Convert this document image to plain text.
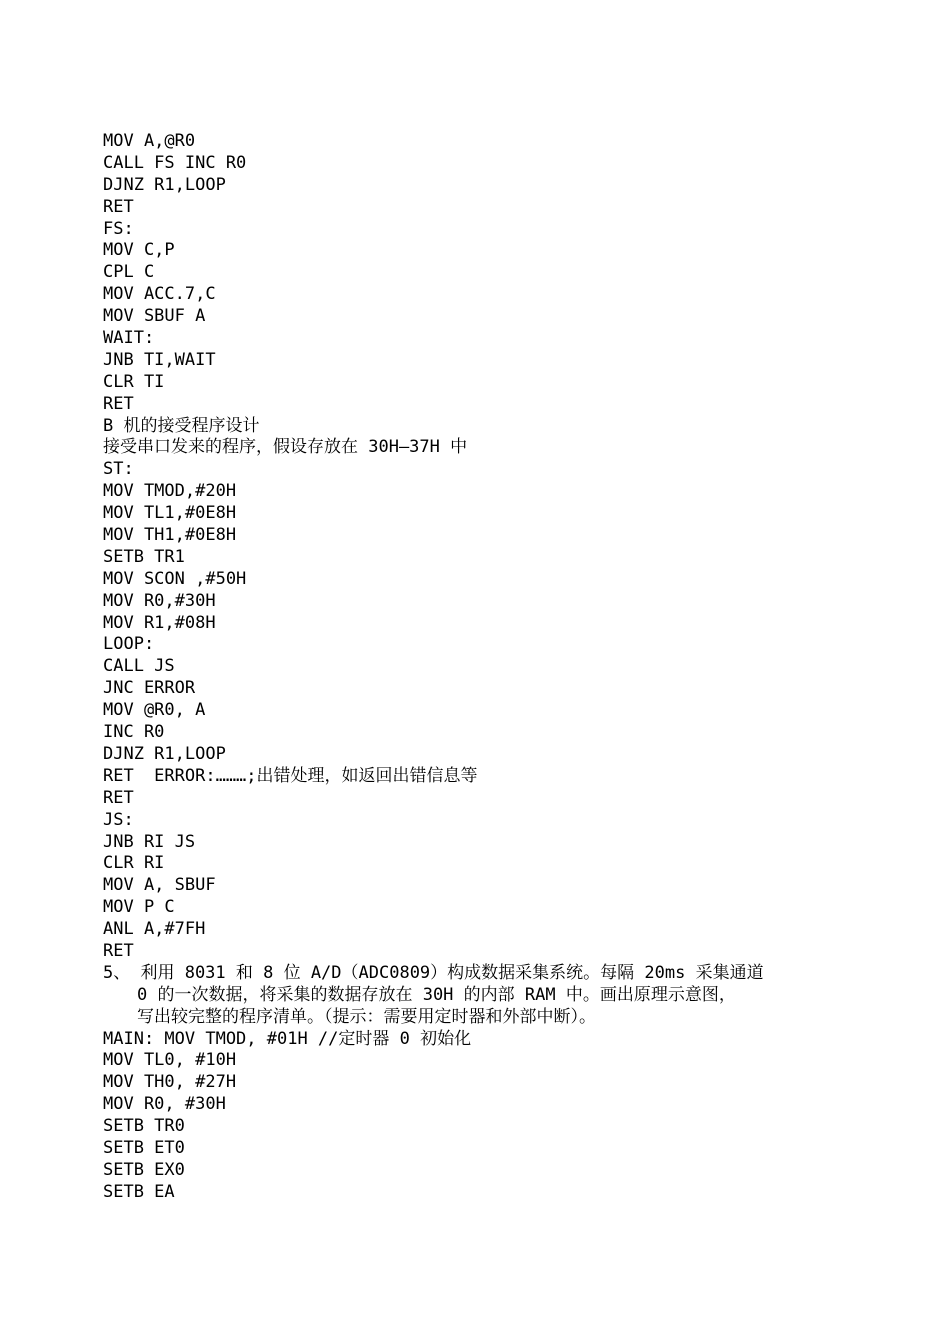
MOV A,@R0
CALL FS INC R0
DJNZ R1,LOOP
RET
FS:
MOV C,P
CPL C
MOV ACC.7,C
MOV SBUF A
WAIT:
JNB TI,WAIT
CLR TI
RET
B 机的接受程序设计
接受串口发来的程序，假设存放在 30H—37H 中
ST:
MOV TMOD,#20H
MOV TL1,#0E8H
MOV TH1,#0E8H
SETB TR1
MOV SCON ,#50H
MOV R0,#30H
MOV R1,#08H
LOOP:
CALL JS
JNC ERROR
MOV @R0, A
INC R0
DJNZ R1,LOOP
RET  ERROR:………;出错处理，如返回出错信息等
RET
JS:
JNB RI JS
CLR RI
MOV A, SBUF
MOV P C
ANL A,#7FH
RET
5、 利用 8031 和 8 位 A/D（ADC0809）构成数据采集系统。每隔 20ms 采集通道
0 的一次数据，将采集的数据存放在 30H 的内部 RAM 中。画出原理示意图，
写出较完整的程序清单。（提示：需要用定时器和外部中断）。
MAIN: MOV TMOD, #01H //定时器 0 初始化
MOV TL0, #10H
MOV TH0, #27H
MOV R0, #30H
SETB TR0
SETB ET0
SETB EX0
SETB EA
